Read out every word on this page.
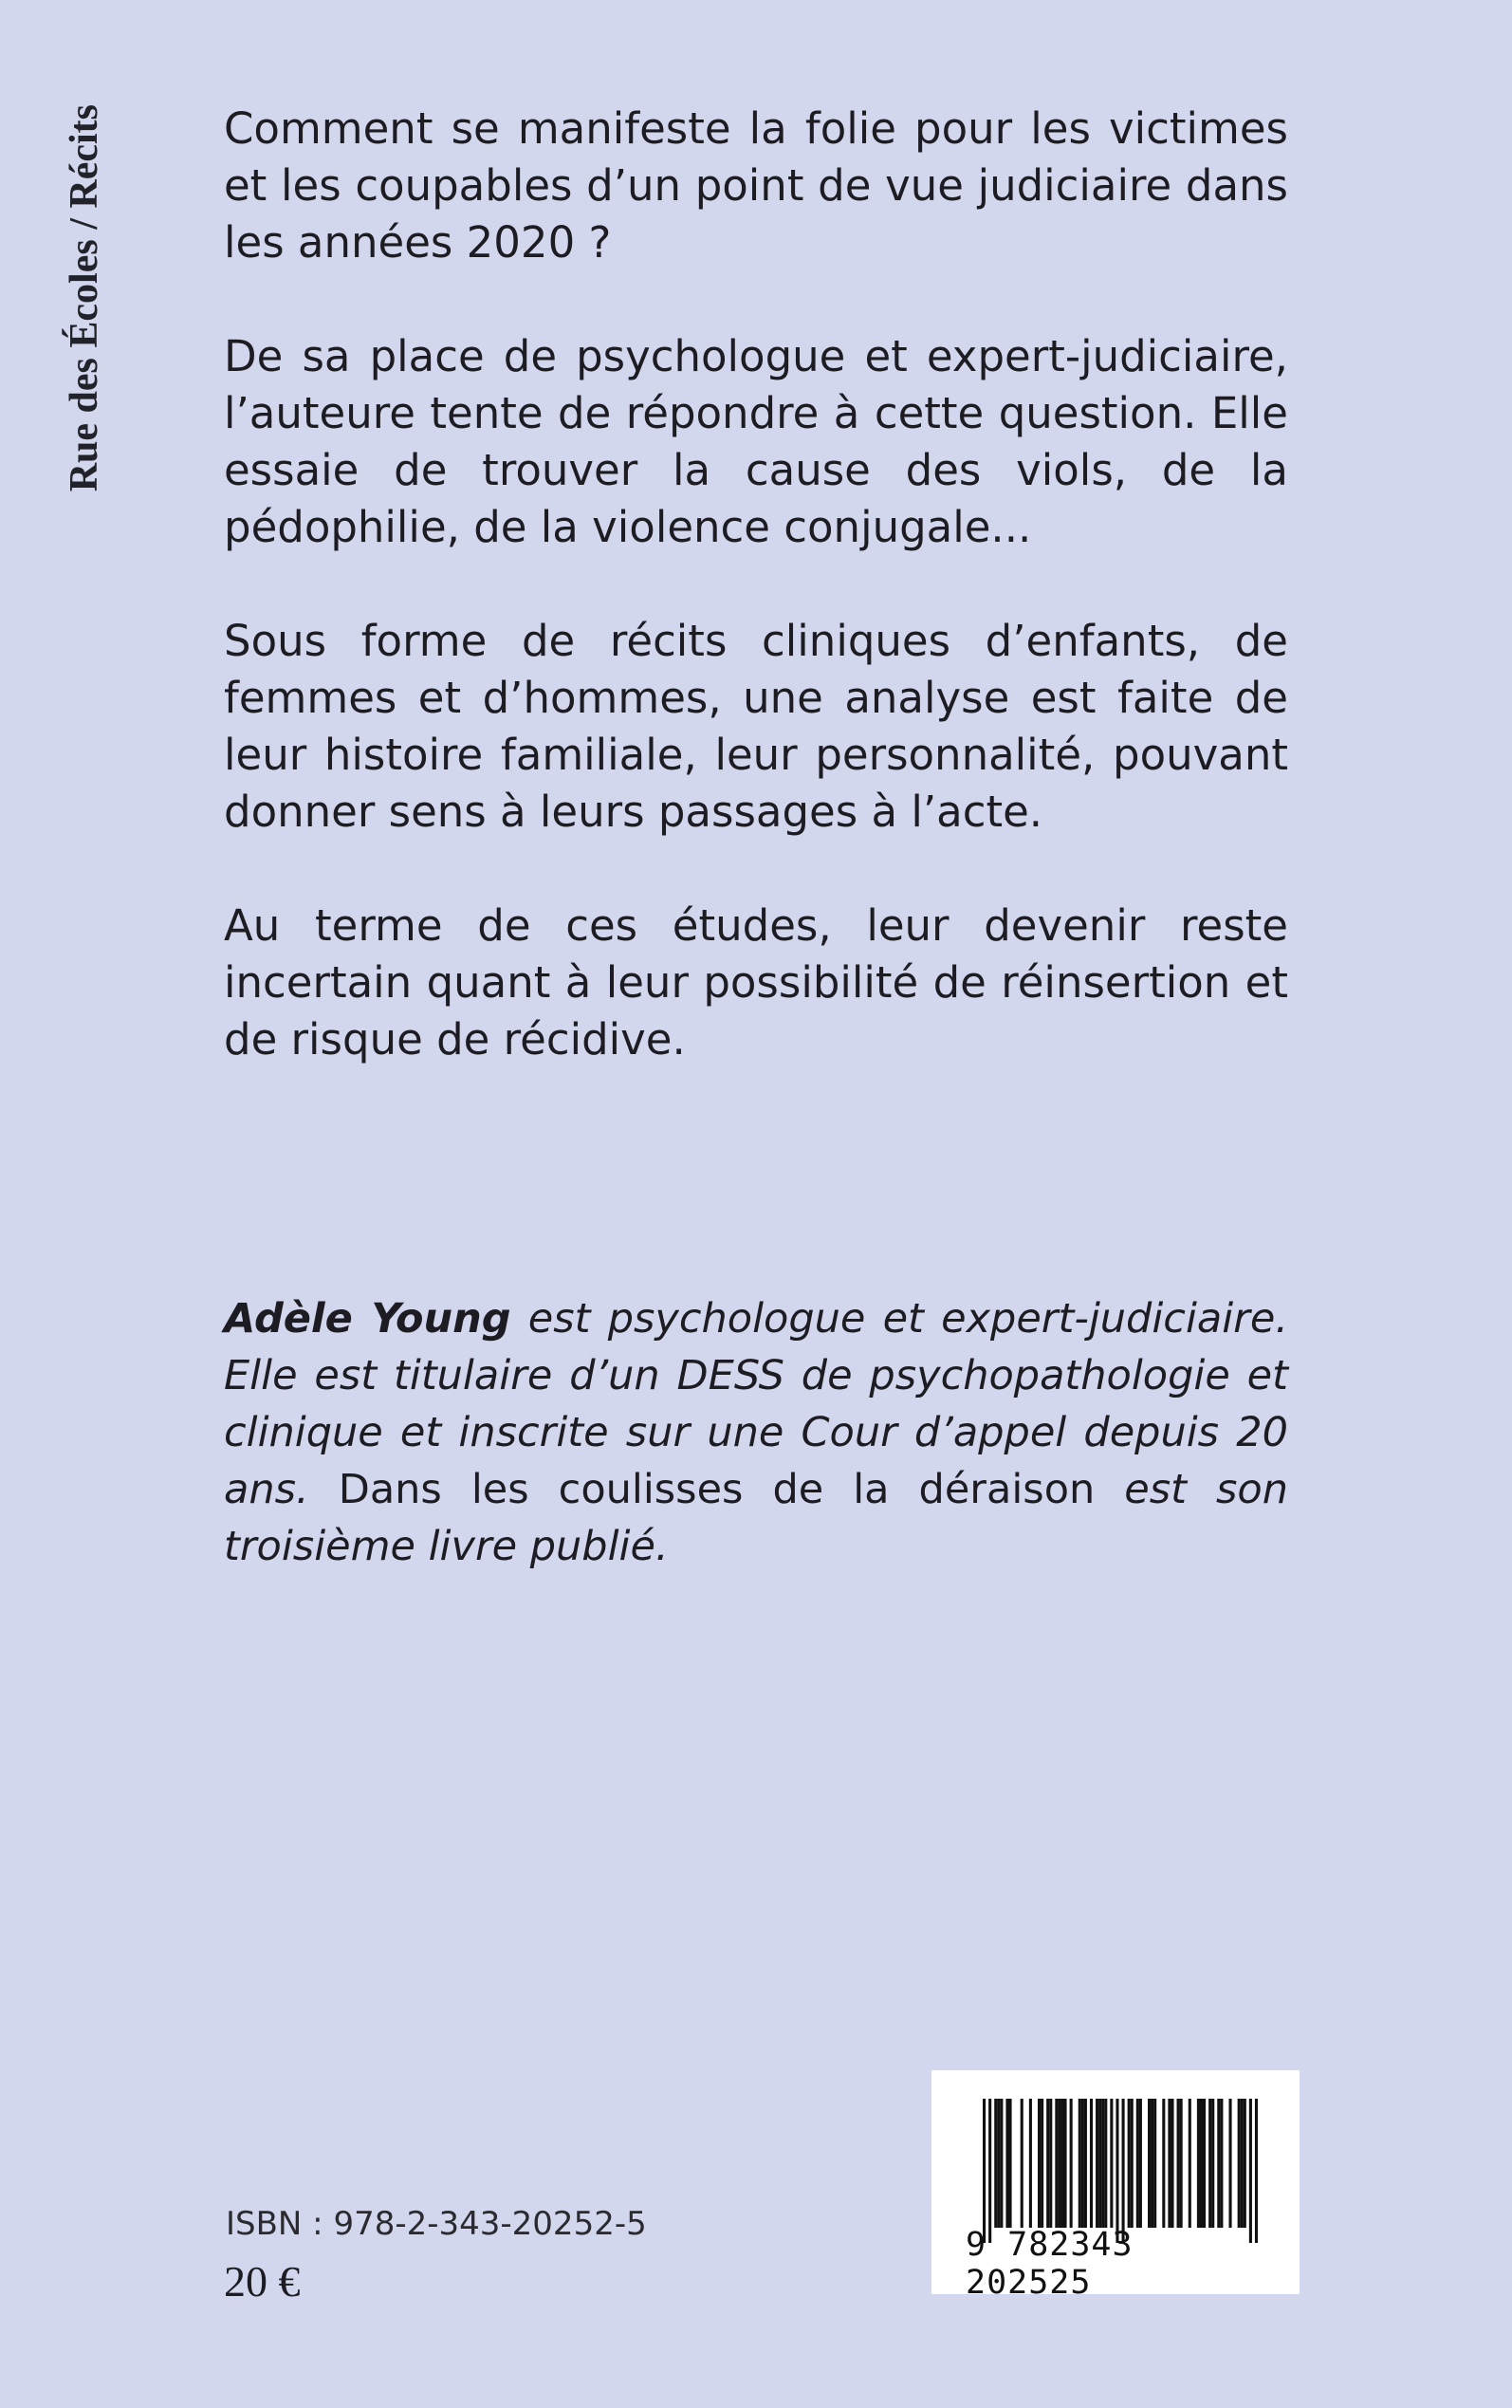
Rue des Écoles / Récits	Comment se manifeste la folie pour les victimes et les coupables d’un point de vue judiciaire dans les années 2020 ?

De sa place de psychologue et expert-judiciaire, l’auteure tente de répondre à cette question. Elle essaie de trouver la cause des viols, de la pédophilie, de la violence conjugale...

Sous forme de récits cliniques d’enfants, de femmes et d’hommes, une analyse est faite de leur histoire familiale, leur personnalité, pouvant donner sens à leurs passages à l’acte.

Au terme de ces études, leur devenir reste incertain quant à leur possibilité de réinsertion et de risque de récidive.

Adèle Young est psychologue et expert-judiciaire. Elle est titulaire d’un DESS de psychopathologie et clinique et inscrite sur une Cour d’appel depuis 20 ans. Dans les coulisses de la déraison est son troisième livre publié.

ISBN : 978-2-343-20252-5
20 €
9 782343 202525
